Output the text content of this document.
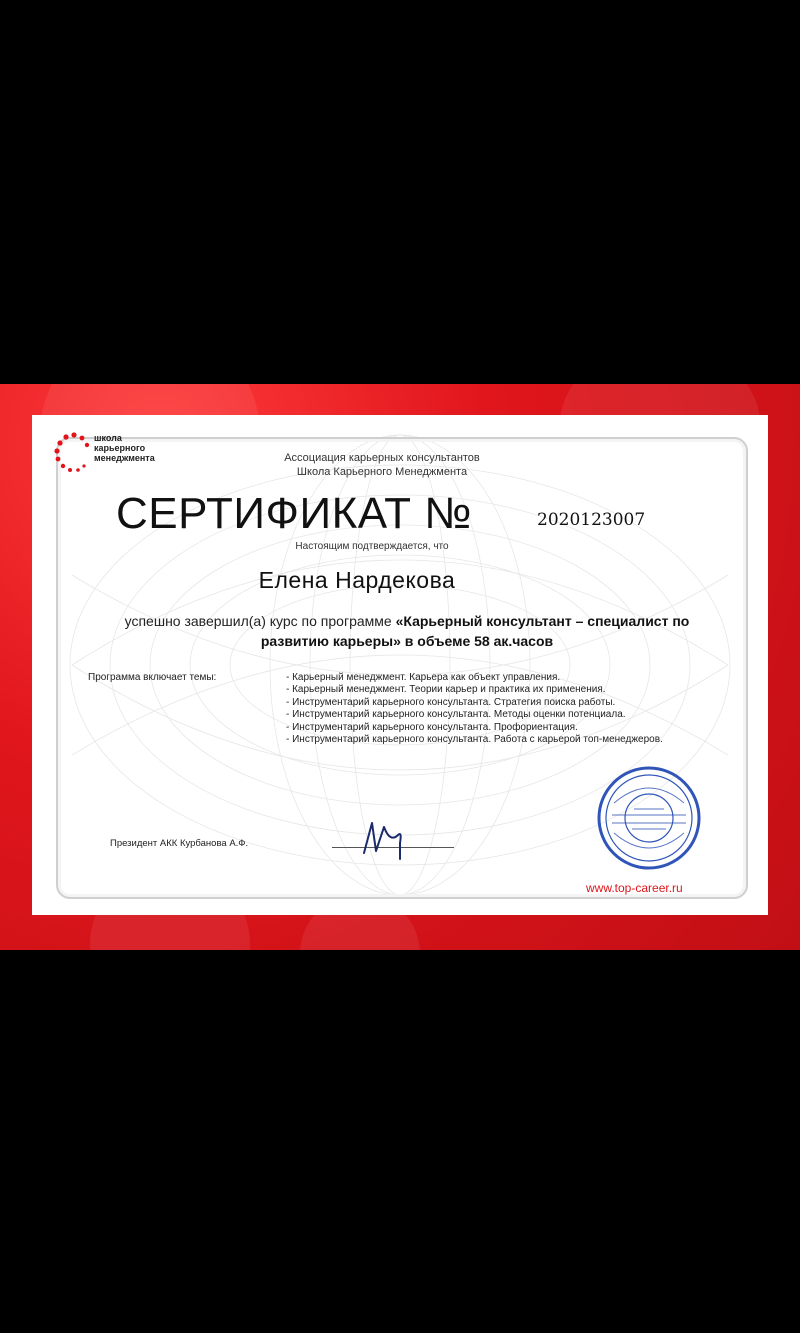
школа
карьерного
менеджмента	Ассоциация карьерных консультантов
Школа Карьерного Менеджмента
СЕРТИФИКАТ №	2020123007
Настоящим подтверждается, что
Елена Нардекова
успешно завершил(а) курс по программе «Карьерный консультант – специалист по развитию карьеры» в объеме 58 ак.часов
Программа включает темы:	- Карьерный менеджмент. Карьера как объект управления.
- Карьерный менеджмент. Теории карьер и практика их применения.
- Инструментарий карьерного консультанта. Стратегия поиска работы.
- Инструментарий карьерного консультанта. Методы оценки потенциала.
- Инструментарий карьерного консультанта. Профориентация.
- Инструментарий карьерного консультанта. Работа с карьерой топ-менеджеров.
Президент АКК Курбанова А.Ф.
www.top-career.ru
